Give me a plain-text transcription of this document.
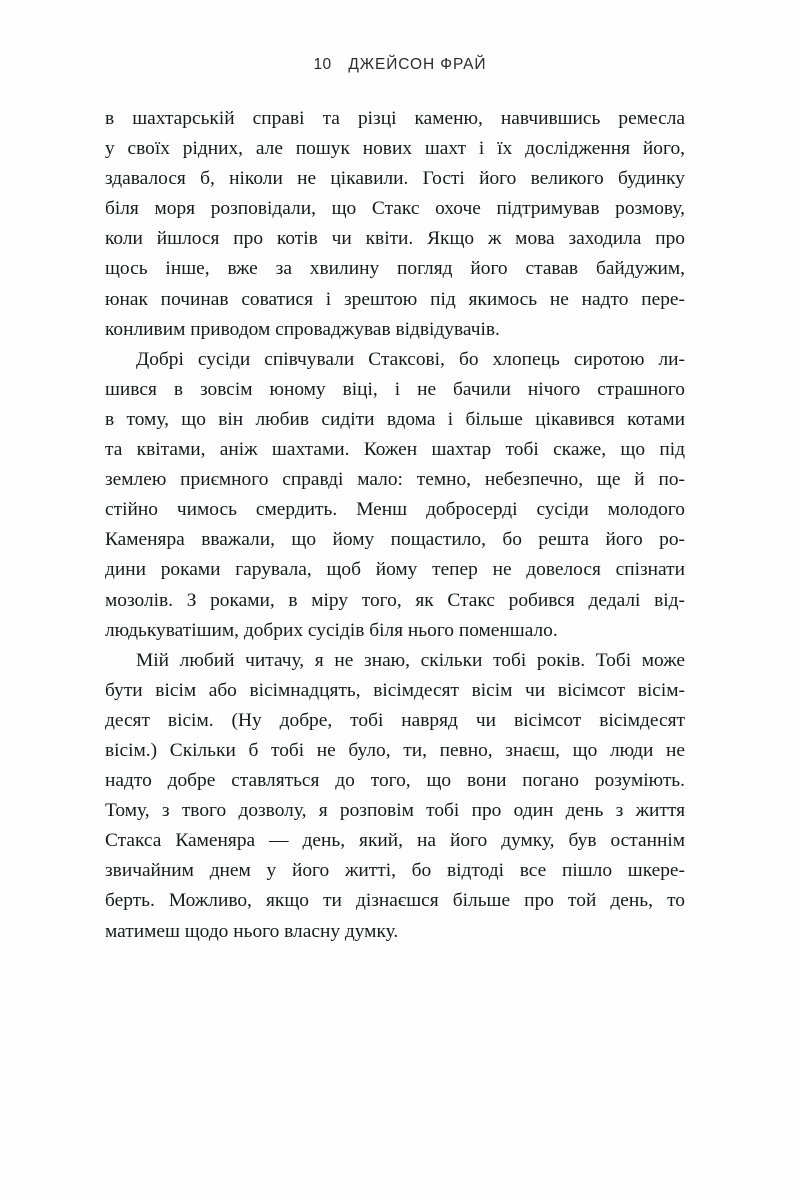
10 ДЖЕЙСОН ФРАЙ

в шахтарській справі та різці каменю, навчившись ремесла
у своїх рідних, але пошук нових шахт і їх дослідження його,
здавалося б, ніколи не цікавили. Гості його великого будинку
біля моря розповідали, що Стакс охоче підтримував розмову,
коли йшлося про котів чи квіти. Якщо ж мова заходила про
щось інше, вже за хвилину погляд його ставав байдужим,
юнак починав соватися і зрештою під якимось не надто пере-
конливим приводом спроваджував відвідувачів.

Добрі сусіди співчували Стаксові, бо хлопець сиротою ли-
шився в зовсім юному віці, і не бачили нічого страшного
в тому, що він любив сидіти вдома і більше цікавився котами
та квітами, аніж шахтами. Кожен шахтар тобі скаже, що під
землею приємного справді мало: темно, небезпечно, ще й по-
стійно чимось смердить. Менш добросерді сусіди молодого
Каменяра вважали, що йому пощастило, бо решта його ро-
дини роками гарувала, щоб йому тепер не довелося спізнати
мозолів. З роками, в міру того, як Стакс робився дедалі від-
людькуватішим, добрих сусідів біля нього поменшало.

Мій любий читачу, я не знаю, скільки тобі років. Тобі може
бути вісім або вісімнадцять, вісімдесят вісім чи вісімсот вісім-
десят вісім. (Ну добре, тобі навряд чи вісімсот вісімдесят
вісім.) Скільки б тобі не було, ти, певно, знаєш, що люди не
надто добре ставляться до того, що вони погано розуміють.
Тому, з твого дозволу, я розповім тобі про один день з життя
Стакса Каменяра — день, який, на його думку, був останнім
звичайним днем у його житті, бо відтоді все пішло шкере-
берть. Можливо, якщо ти дізнаєшся більше про той день, то
матимеш щодо нього власну думку.
